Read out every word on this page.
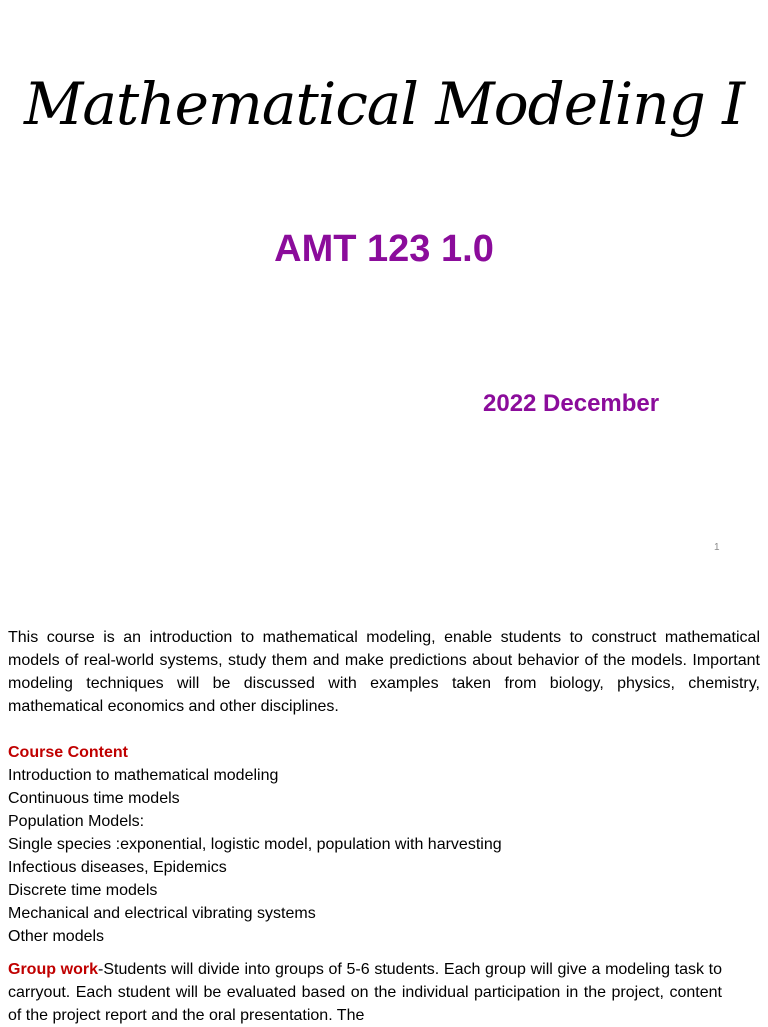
Mathematical Modeling I
AMT 123 1.0
2022 December
1
This course is an introduction to mathematical modeling, enable students to construct mathematical models of real-world systems, study them and make predictions about behavior of the models. Important modeling techniques will be discussed with examples taken from biology, physics, chemistry, mathematical economics and other disciplines.
Course Content
Introduction to mathematical modeling
Continuous time models
Population Models:
Single species :exponential, logistic model, population with harvesting
Infectious diseases, Epidemics
Discrete time models
Mechanical and electrical vibrating systems
Other models
Group work-Students will divide into groups of 5-6 students. Each group will give a modeling task to carryout. Each student will be evaluated based on the individual participation in the project, content of the project report and the oral presentation. The
